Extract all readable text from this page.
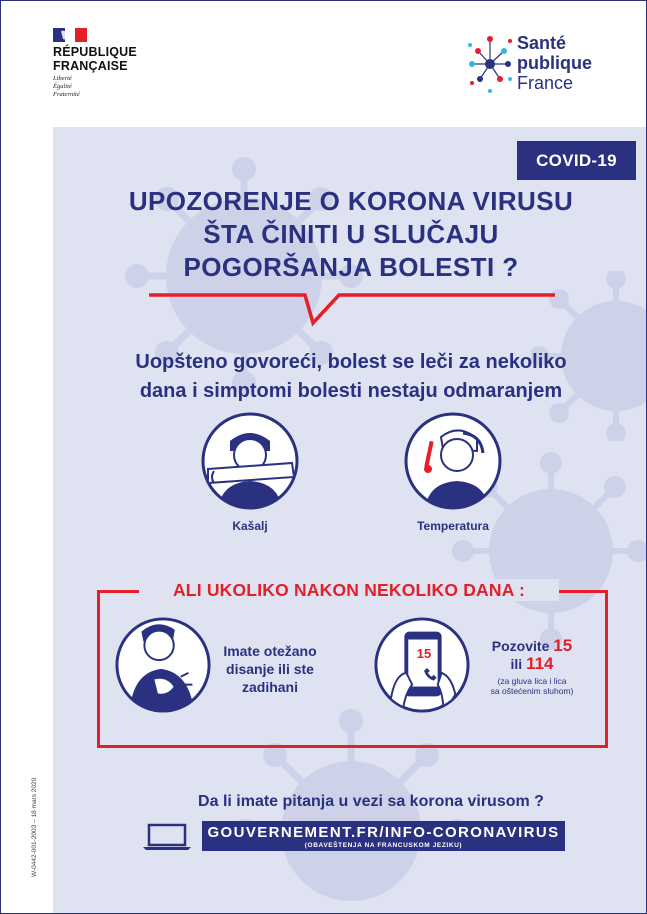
RÉPUBLIQUE
FRANÇAISE
Liberté
Égalité
Fraternité
Santé
publique
France
COVID-19
UPOZORENJE O KORONA VIRUSU
ŠTA ČINITI U SLUČAJU
POGORŠANJA BOLESTI ?
Uopšteno govoreći, bolest se leči za nekoliko
dana i simptomi bolesti nestaju odmaranjem
Kašalj	Temperatura
ALI UKOLIKO NAKON NEKOLIKO DANA :
Imate otežano
disanje ili ste
zadihani
15	Pozovite 15
ili 114
(za gluva lica i lica
sa oštećenim sluhom)
Da li imate pitanja u vezi sa korona virusom ?
GOUVERNEMENT.FR/INFO-CORONAVIRUS
(OBAVEŠTENJA NA FRANCUSKOM JEZIKU)
W-0442-001-2003 – 18 mars 2020
